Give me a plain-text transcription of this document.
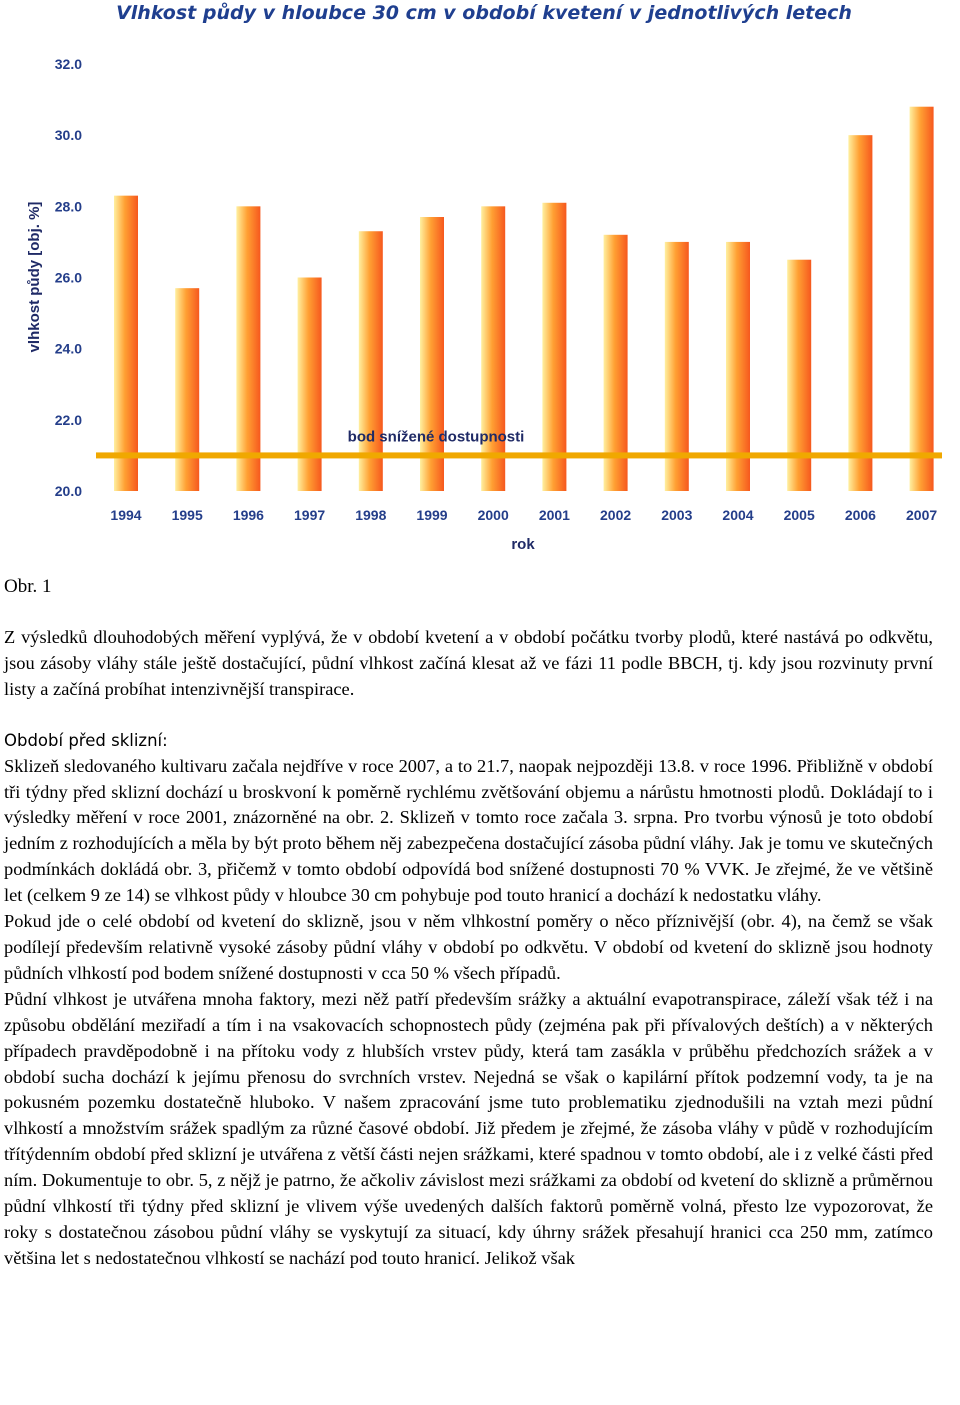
Vlhkost půdy v hloubce 30 cm v období kvetení v jednotlivých letech
20.0
22.0
24.0
26.0
28.0
30.0
32.0
bod snížené dostupnosti
1994 1995 1996 1997 1998 1999 2000 2001 2002 2003 2004 2005 2006 2007
vlhkost půdy [obj. %]
rok
Obr. 1

Z výsledků dlouhodobých měření vyplývá, že v období kvetení a v období počátku tvorby plodů, které nastává po odkvětu, jsou zásoby vláhy stále ještě dostačující, půdní vlhkost začíná klesat až ve fázi 11 podle BBCH, tj. kdy jsou rozvinuty první listy a začíná probíhat intenzivnější transpirace.

Období před sklizní:

Sklizeň sledovaného kultivaru začala nejdříve v roce 2007, a to 21.7, naopak nejpozději 13.8. v roce 1996. Přibližně v období tři týdny před sklizní dochází u broskvoní k poměrně rychlému zvětšování objemu a nárůstu hmotnosti plodů. Dokládají to i výsledky měření v roce 2001, znázorněné na obr. 2. Sklizeň v tomto roce začala 3. srpna. Pro tvorbu výnosů je toto období jedním z rozhodujících a měla by být proto během něj zabezpečena dostačující zásoba půdní vláhy. Jak je tomu ve skutečných podmínkách dokládá obr. 3, přičemž v tomto období odpovídá bod snížené dostupnosti 70 % VVK. Je zřejmé, že ve většině let (celkem 9 ze 14) se vlhkost půdy v hloubce 30 cm pohybuje pod touto hranicí a dochází k nedostatku vláhy.

Pokud jde o celé období od kvetení do sklizně, jsou v něm vlhkostní poměry o něco příznivější (obr. 4), na čemž se však podílejí především relativně vysoké zásoby půdní vláhy v období po odkvětu. V období od kvetení do sklizně jsou hodnoty půdních vlhkostí pod bodem snížené dostupnosti v cca 50 % všech případů.

Půdní vlhkost je utvářena mnoha faktory, mezi něž patří především srážky a aktuální evapotranspirace, záleží však též i na způsobu obdělání meziřadí a tím i na vsakovacích schopnostech půdy (zejména pak při přívalových deštích) a v některých případech pravděpodobně i na přítoku vody z hlubších vrstev půdy, která tam zasákla v průběhu předchozích srážek a v období sucha dochází k jejímu přenosu do svrchních vrstev. Nejedná se však o kapilární přítok podzemní vody, ta je na pokusném pozemku dostatečně hluboko. V našem zpracování jsme tuto problematiku zjednodušili na vztah mezi půdní vlhkostí a množstvím srážek spadlým za různé časové období. Již předem je zřejmé, že zásoba vláhy v půdě v rozhodujícím třítýdenním období před sklizní je utvářena z větší části nejen srážkami, které spadnou v tomto období, ale i z velké části před ním. Dokumentuje to obr. 5, z nějž je patrno, že ačkoliv závislost mezi srážkami za období od kvetení do sklizně a průměrnou půdní vlhkostí tři týdny před sklizní je vlivem výše uvedených dalších faktorů poměrně volná, přesto lze vypozorovat, že roky s dostatečnou zásobou půdní vláhy se vyskytují za situací, kdy úhrny srážek přesahují hranici cca 250 mm, zatímco většina let s nedostatečnou vlhkostí se nachází pod touto hranicí. Jelikož však
